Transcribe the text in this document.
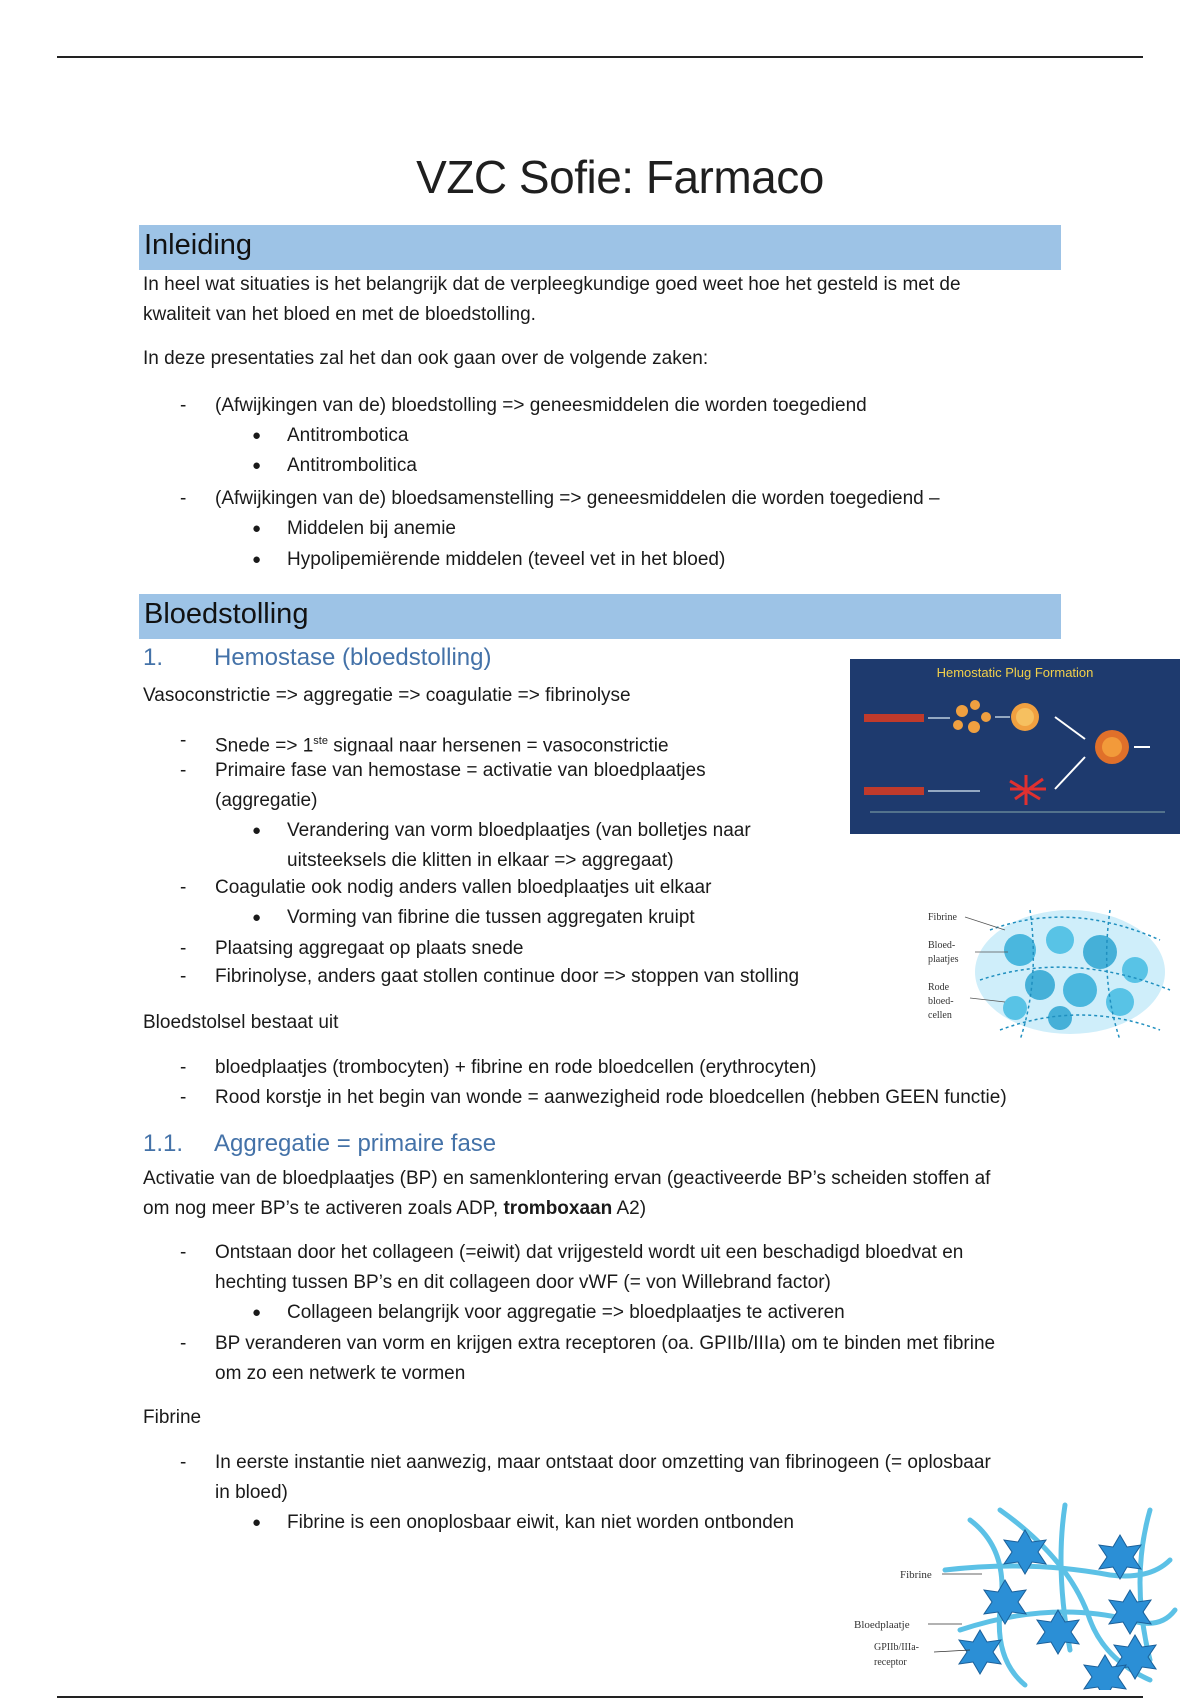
VZC Sofie: Farmaco
Inleiding
In heel wat situaties is het belangrijk dat de verpleegkundige goed weet hoe het gesteld is met de
kwaliteit van het bloed en met de bloedstolling.
In deze presentaties zal het dan ook gaan over de volgende zaken:
- (Afwijkingen van de) bloedstolling => geneesmiddelen die worden toegediend
● Antitrombotica
● Antitrombolitica
- (Afwijkingen van de) bloedsamenstelling => geneesmiddelen die worden toegediend –
● Middelen bij anemie
● Hypolipemiërende middelen (teveel vet in het bloed)
Bloedstolling
1. Hemostase (bloedstolling)
Vasoconstrictie => aggregatie => coagulatie => fibrinolyse
- Snede => 1ste signaal naar hersenen = vasoconstrictie
- Primaire fase van hemostase = activatie van bloedplaatjes
(aggregatie)
● Verandering van vorm bloedplaatjes (van bolletjes naar
uitsteeksels die klitten in elkaar => aggregaat)
- Coagulatie ook nodig anders vallen bloedplaatjes uit elkaar
● Vorming van fibrine die tussen aggregaten kruipt
- Plaatsing aggregaat op plaats snede
- Fibrinolyse, anders gaat stollen continue door => stoppen van stolling
Bloedstolsel bestaat uit
- bloedplaatjes (trombocyten) + fibrine en rode bloedcellen (erythrocyten)
- Rood korstje in het begin van wonde = aanwezigheid rode bloedcellen (hebben GEEN functie)
1.1. Aggregatie = primaire fase
Activatie van de bloedplaatjes (BP) en samenklontering ervan (geactiveerde BP’s scheiden stoffen af
om nog meer BP’s te activeren zoals ADP, tromboxaan A2)
- Ontstaan door het collageen (=eiwit) dat vrijgesteld wordt uit een beschadigd bloedvat en
hechting tussen BP’s en dit collageen door vWF (= von Willebrand factor)
● Collageen belangrijk voor aggregatie => bloedplaatjes te activeren
- BP veranderen van vorm en krijgen extra receptoren (oa. GPIIb/IIIa) om te binden met fibrine
om zo een netwerk te vormen
Fibrine
- In eerste instantie niet aanwezig, maar ontstaat door omzetting van fibrinogeen (= oplosbaar
in bloed)
● Fibrine is een onoplosbaar eiwit, kan niet worden ontbonden
Hemostatic Plug Formation
Fibrine
Bloed-
plaatjes
Rode
bloed-
cellen
Fibrine
Bloedplaatje
GPIIb/IIIa-
receptor
